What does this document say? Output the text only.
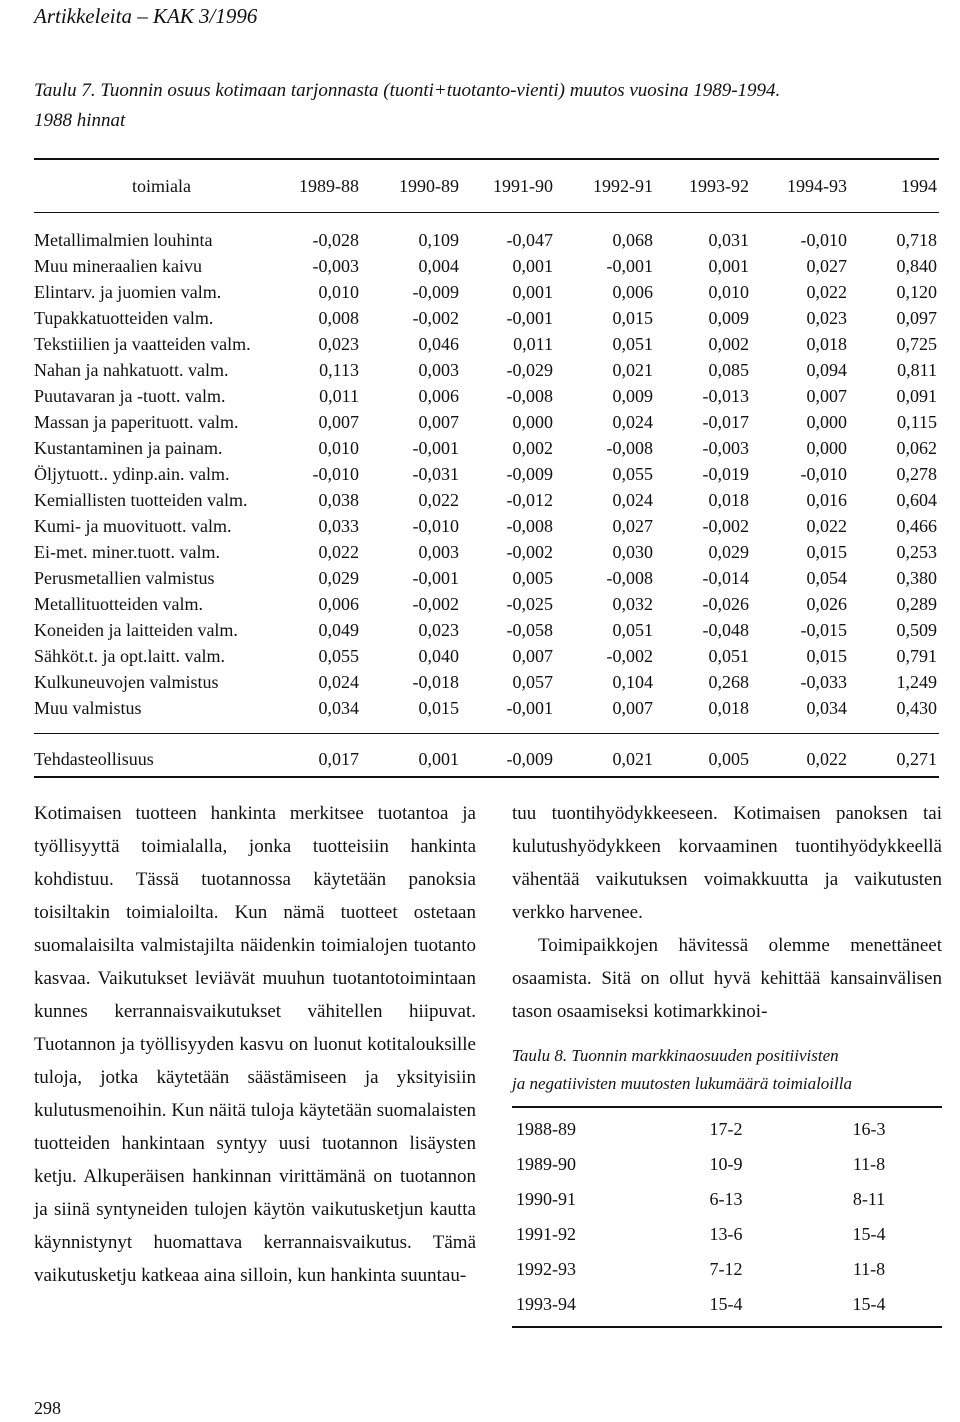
Artikkeleita – KAK 3/1996
Taulu 7. Tuonnin osuus kotimaan tarjonnasta (tuonti+tuotanto-vienti) muutos vuosina 1989-1994.
1988 hinnat
toimiala	1989-88	1990-89	1991-90	1992-91	1993-92	1994-93	1994
Metallimalmien louhinta	-0,028	0,109	-0,047	0,068	0,031	-0,010	0,718
Muu mineraalien kaivu	-0,003	0,004	0,001	-0,001	0,001	0,027	0,840
Elintarv. ja juomien valm.	0,010	-0,009	0,001	0,006	0,010	0,022	0,120
Tupakkatuotteiden valm.	0,008	-0,002	-0,001	0,015	0,009	0,023	0,097
Tekstiilien ja vaatteiden valm.	0,023	0,046	0,011	0,051	0,002	0,018	0,725
Nahan ja nahkatuott. valm.	0,113	0,003	-0,029	0,021	0,085	0,094	0,811
Puutavaran ja -tuott. valm.	0,011	0,006	-0,008	0,009	-0,013	0,007	0,091
Massan ja paperituott. valm.	0,007	0,007	0,000	0,024	-0,017	0,000	0,115
Kustantaminen ja painam.	0,010	-0,001	0,002	-0,008	-0,003	0,000	0,062
Öljytuott.. ydinp.ain. valm.	-0,010	-0,031	-0,009	0,055	-0,019	-0,010	0,278
Kemiallisten tuotteiden valm.	0,038	0,022	-0,012	0,024	0,018	0,016	0,604
Kumi- ja muovituott. valm.	0,033	-0,010	-0,008	0,027	-0,002	0,022	0,466
Ei-met. miner.tuott. valm.	0,022	0,003	-0,002	0,030	0,029	0,015	0,253
Perusmetallien valmistus	0,029	-0,001	0,005	-0,008	-0,014	0,054	0,380
Metallituotteiden valm.	0,006	-0,002	-0,025	0,032	-0,026	0,026	0,289
Koneiden ja laitteiden valm.	0,049	0,023	-0,058	0,051	-0,048	-0,015	0,509
Sähköt.t. ja opt.laitt. valm.	0,055	0,040	0,007	-0,002	0,051	0,015	0,791
Kulkuneuvojen valmistus	0,024	-0,018	0,057	0,104	0,268	-0,033	1,249
Muu valmistus	0,034	0,015	-0,001	0,007	0,018	0,034	0,430
Tehdasteollisuus	0,017	0,001	-0,009	0,021	0,005	0,022	0,271

Kotimaisen tuotteen hankinta merkitsee tuotantoa ja työllisyyttä toimialalla, jonka tuotteisiin hankinta kohdistuu. Tässä tuotannossa käytetään panoksia toisiltakin toimialoilta. Kun nämä tuotteet ostetaan suomalaisilta valmistajilta näidenkin toimialojen tuotanto kasvaa. Vaikutukset leviävät muuhun tuotantotoimintaan kunnes kerrannaisvaikutukset vähitellen hiipuvat. Tuotannon ja työllisyyden kasvu on luonut kotitalouksille tuloja, jotka käytetään säästämiseen ja yksityisiin kulutusmenoihin. Kun näitä tuloja käytetään suomalaisten tuotteiden hankintaan syntyy uusi tuotannon lisäysten ketju. Alkuperäisen hankinnan virittämänä on tuotannon ja siinä syntyneiden tulojen käytön vaikutusketjun kautta käynnistynyt huomattava kerrannaisvaikutus. Tämä vaikutusketju katkeaa aina silloin, kun hankinta suuntau-

tuu tuontihyödykkeeseen. Kotimaisen panoksen tai kulutushyödykkeen korvaaminen tuontihyödykkeellä vähentää vaikutuksen voimakkuutta ja vaikutusten verkko harvenee.

Toimipaikkojen hävitessä olemme menettäneet osaamista. Sitä on ollut hyvä kehittää kansainvälisen tason osaamiseksi kotimarkkinoi-

Taulu 8. Tuonnin markkinaosuuden positiivisten
ja negatiivisten muutosten lukumäärä toimialoilla
1988-89	17-2	16-3
1989-90	10-9	11-8
1990-91	6-13	8-11
1991-92	13-6	15-4
1992-93	7-12	11-8
1993-94	15-4	15-4
298
